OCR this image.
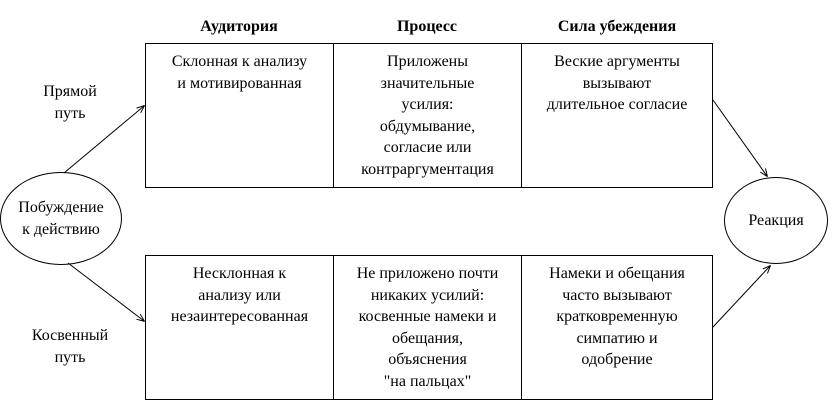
Аудитория	Процесс	Сила убеждения
Склонная к анализу
и мотивированная
Приложены
значительные
усилия:
обдумывание,
согласие или
контраргументация
Веские аргументы
вызывают
длительное согласие
Несклонная к
анализу или
незаинтересованная
Не приложено почти
никаких усилий:
косвенные намеки и
обещания,
объяснения
"на пальцах"
Намеки и обещания
часто вызывают
кратковременную
симпатию и
одобрение
Прямой
путь
Косвенный
путь
Побуждение
к действию
Реакция
